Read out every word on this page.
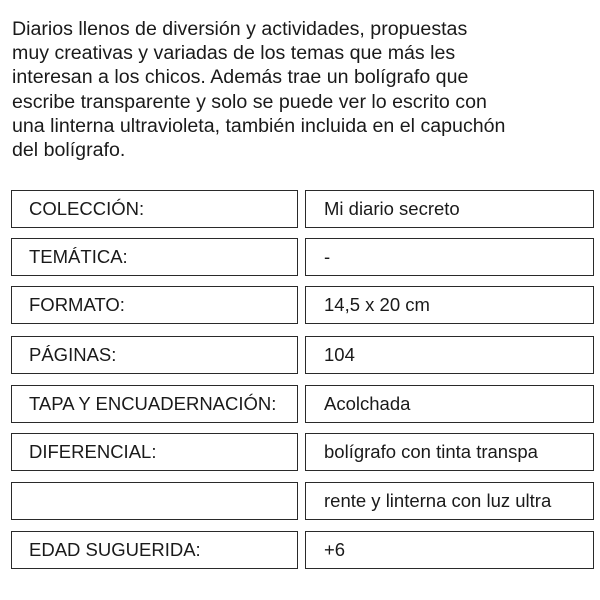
Diarios llenos de diversión y actividades, propuestas
muy creativas y variadas de los temas que más les
interesan a los chicos. Además trae un bolígrafo que
escribe transparente y solo se puede ver lo escrito con
una linterna ultravioleta, también incluida en el capuchón
del bolígrafo.

COLECCIÓN:	Mi diario secreto
TEMÁTICA:	-
FORMATO:	14,5 x 20 cm
PÁGINAS:	104
TAPA Y ENCUADERNACIÓN:	Acolchada
DIFERENCIAL:	bolígrafo con tinta transpa
rente y linterna con luz ultra
EDAD SUGUERIDA:	+6
